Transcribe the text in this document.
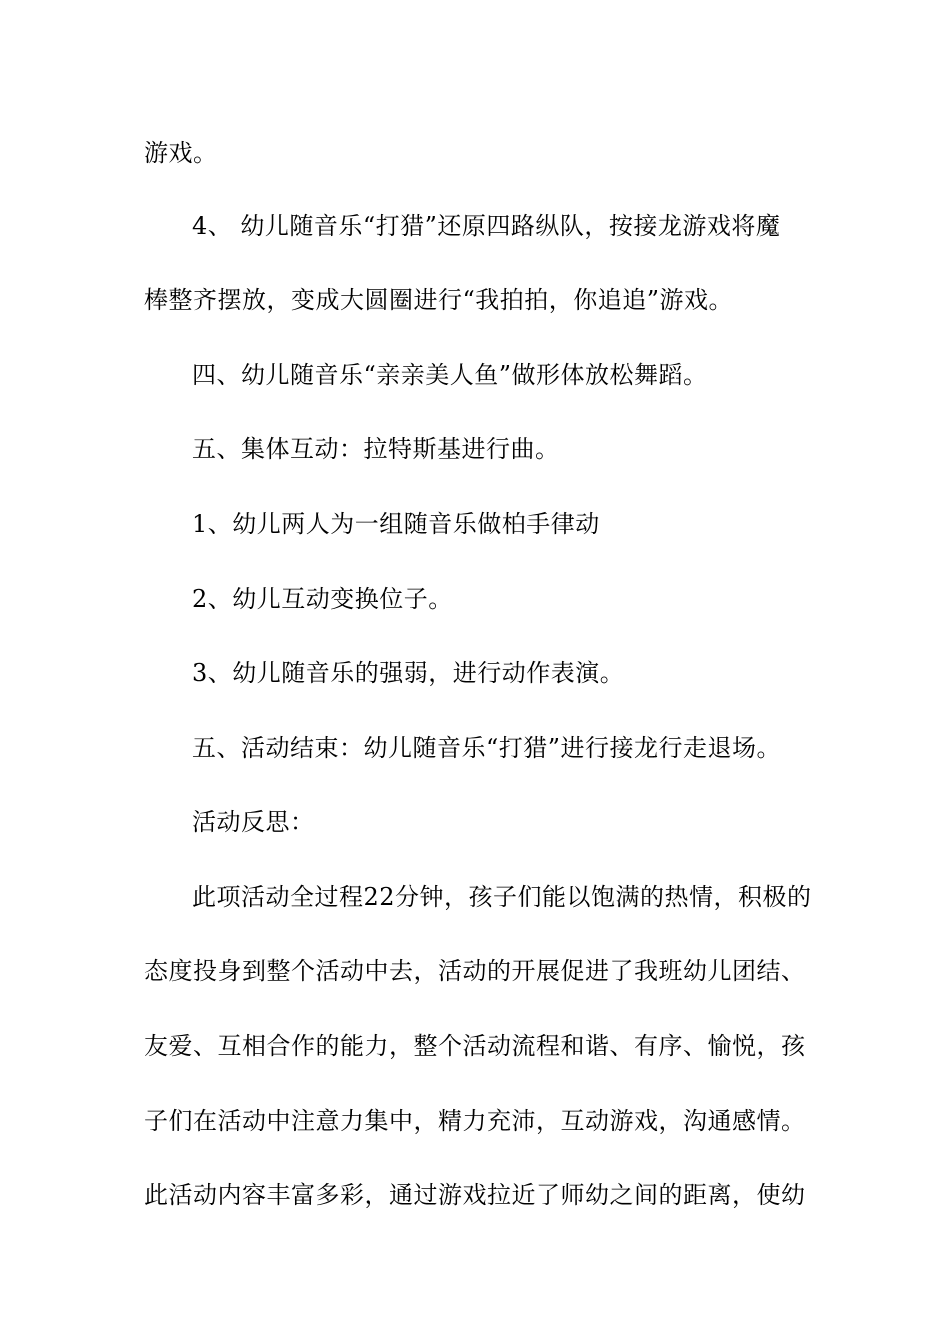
游戏。
4、 幼儿随音乐“打猎”还原四路纵队，按接龙游戏将魔
棒整齐摆放，变成大圆圈进行“我拍拍，你追追”游戏。
四、幼儿随音乐“亲亲美人鱼”做形体放松舞蹈。
五、集体互动：拉特斯基进行曲。
1、幼儿两人为一组随音乐做柏手律动
2、幼儿互动变换位子。
3、幼儿随音乐的强弱，进行动作表演。
五、活动结束：幼儿随音乐“打猎”进行接龙行走退场。
活动反思：
此项活动全过程22分钟，孩子们能以饱满的热情，积极的
态度投身到整个活动中去，活动的开展促进了我班幼儿团结、
友爱、互相合作的能力，整个活动流程和谐、有序、愉悦，孩
子们在活动中注意力集中，精力充沛，互动游戏，沟通感情。
此活动内容丰富多彩，通过游戏拉近了师幼之间的距离，使幼
